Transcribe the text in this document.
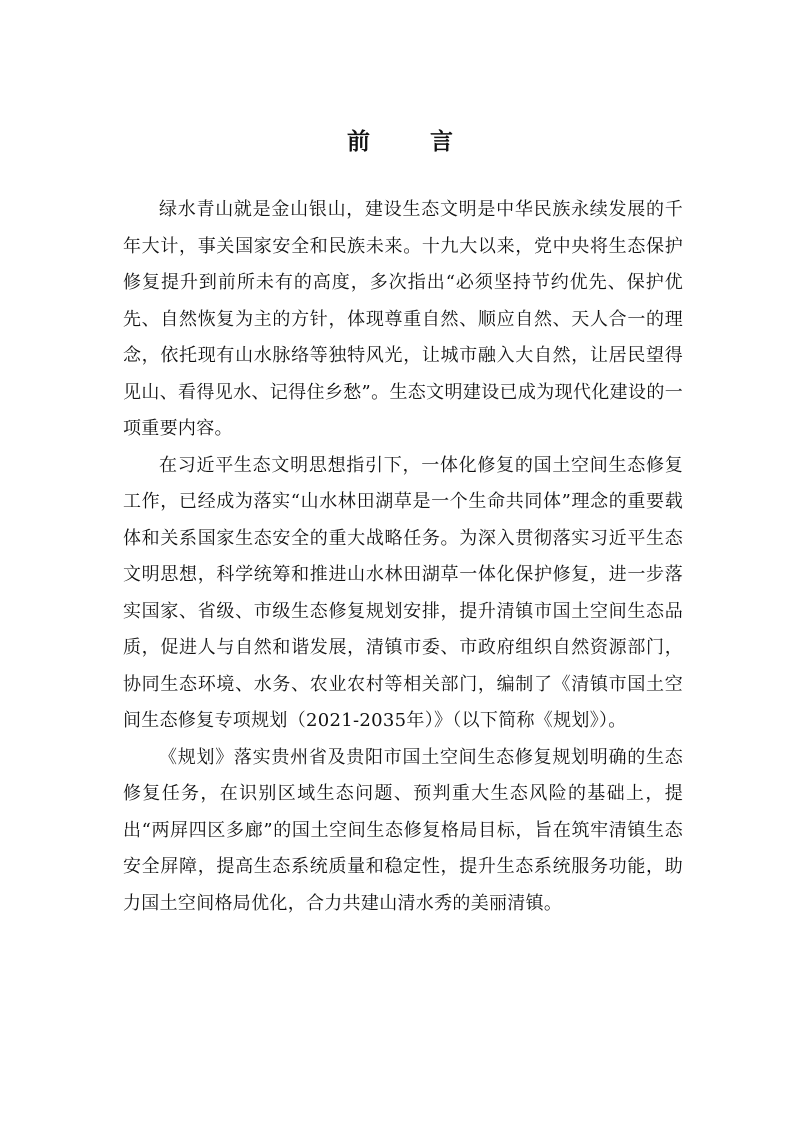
前 言

绿水青山就是金山银山，建设生态文明是中华民族永续发展的千年大计，事关国家安全和民族未来。十九大以来，党中央将生态保护修复提升到前所未有的高度，多次指出“必须坚持节约优先、保护优先、自然恢复为主的方针，体现尊重自然、顺应自然、天人合一的理念，依托现有山水脉络等独特风光，让城市融入大自然，让居民望得见山、看得见水、记得住乡愁”。生态文明建设已成为现代化建设的一项重要内容。

在习近平生态文明思想指引下，一体化修复的国土空间生态修复工作，已经成为落实“山水林田湖草是一个生命共同体”理念的重要载体和关系国家生态安全的重大战略任务。为深入贯彻落实习近平生态文明思想，科学统筹和推进山水林田湖草一体化保护修复，进一步落实国家、省级、市级生态修复规划安排，提升清镇市国土空间生态品质，促进人与自然和谐发展，清镇市委、市政府组织自然资源部门，协同生态环境、水务、农业农村等相关部门，编制了《清镇市国土空间生态修复专项规划（2021-2035年）》（以下简称《规划》）。

《规划》落实贵州省及贵阳市国土空间生态修复规划明确的生态修复任务，在识别区域生态问题、预判重大生态风险的基础上，提出“两屏四区多廊”的国土空间生态修复格局目标，旨在筑牢清镇生态安全屏障，提高生态系统质量和稳定性，提升生态系统服务功能，助力国土空间格局优化，合力共建山清水秀的美丽清镇。
